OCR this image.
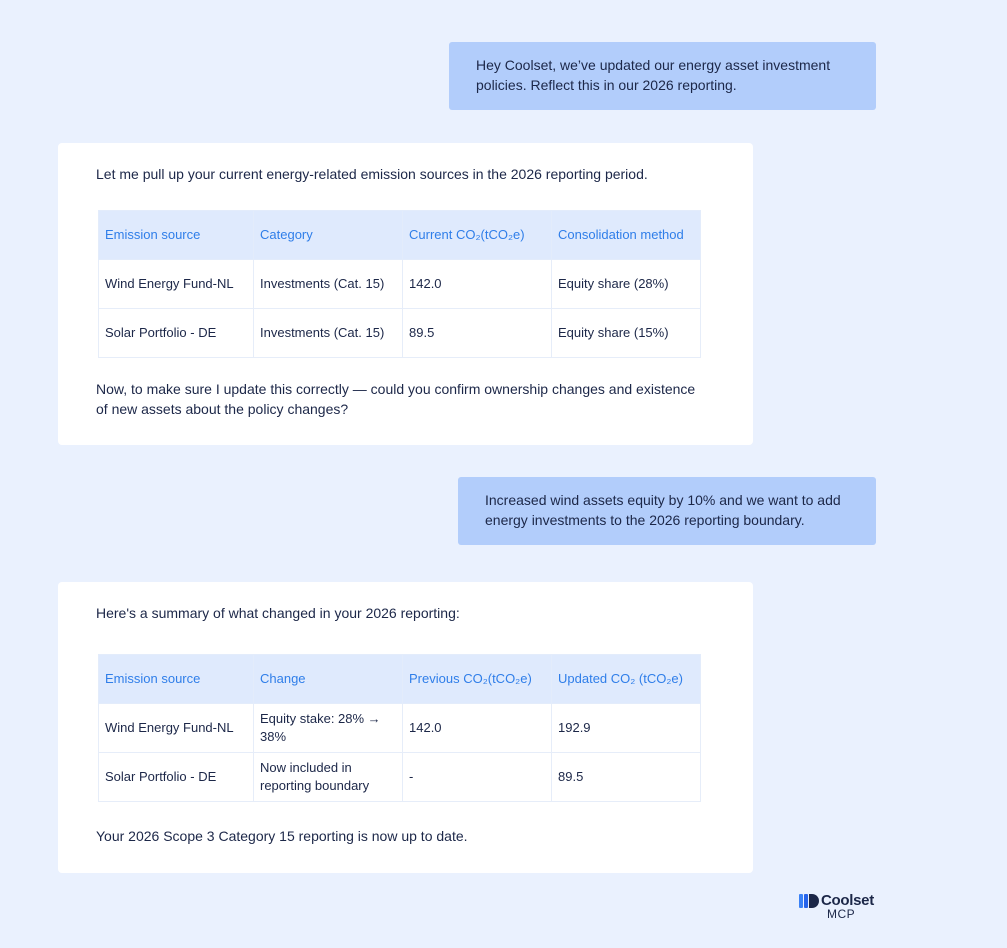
Hey Coolset, we’ve updated our energy asset investment policies. Reflect this in our 2026 reporting.
Let me pull up your current energy-related emission sources in the 2026 reporting period.
Emission source	Category	Current CO₂(tCO₂e)	Consolidation method
Wind Energy Fund-NL	Investments (Cat. 15)	142.0	Equity share (28%)
Solar Portfolio - DE	Investments (Cat. 15)	89.5	Equity share (15%)
Now, to make sure I update this correctly — could you confirm ownership changes and existence of new assets about the policy changes?
Increased wind assets equity by 10% and we want to add energy investments to the 2026 reporting boundary.
Here's a summary of what changed in your 2026 reporting:
Emission source	Change	Previous CO₂(tCO₂e)	Updated CO₂ (tCO₂e)
Wind Energy Fund-NL	Equity stake: 28% → 38%	142.0	192.9
Solar Portfolio - DE	Now included in reporting boundary	-	89.5
Your 2026 Scope 3 Category 15 reporting is now up to date.
Coolset
MCP
